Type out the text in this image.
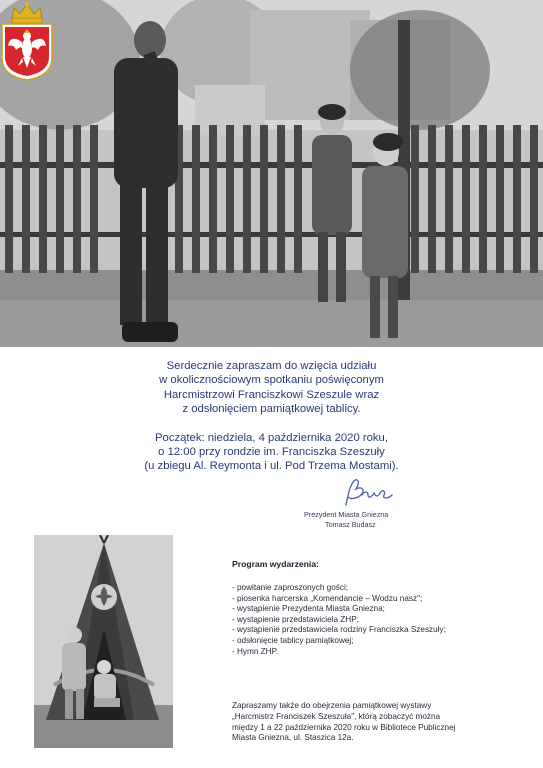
Serdecznie zapraszam do wzięcia udziału

w okolicznościowym spotkaniu poświęconym

Harcmistrzowi Franciszkowi Szeszule wraz

z odsłonięciem pamiątkowej tablicy.

Początek: niedziela, 4 października 2020 roku,

o 12:00 przy rondzie im. Franciszka Szeszuły

(u zbiegu Al. Reymonta i ul. Pod Trzema Mostami).

Prezydent Miasta Gniezna
Tomasz Budasz
Program wydarzenia:
- powitanie zaproszonych gości;
- piosenka harcerska „Komendancie – Wodzu nasz";
- wystąpienie Prezydenta Miasta Gniezna;
- wystąpienie przedstawiciela ZHP;
- wystąpienie przedstawiciela rodziny Franciszka Szeszuły;
- odsłonięcie tablicy pamiątkowej;
- Hymn ZHP.

Zapraszamy także do obejrzenia pamiątkowej wystawy

„Harcmistrz Franciszek Szeszuła", którą zobaczyć można

między 1 a 22 października 2020 roku w Bibliotece Publicznej

Miasta Gniezna, ul. Staszica 12a.
